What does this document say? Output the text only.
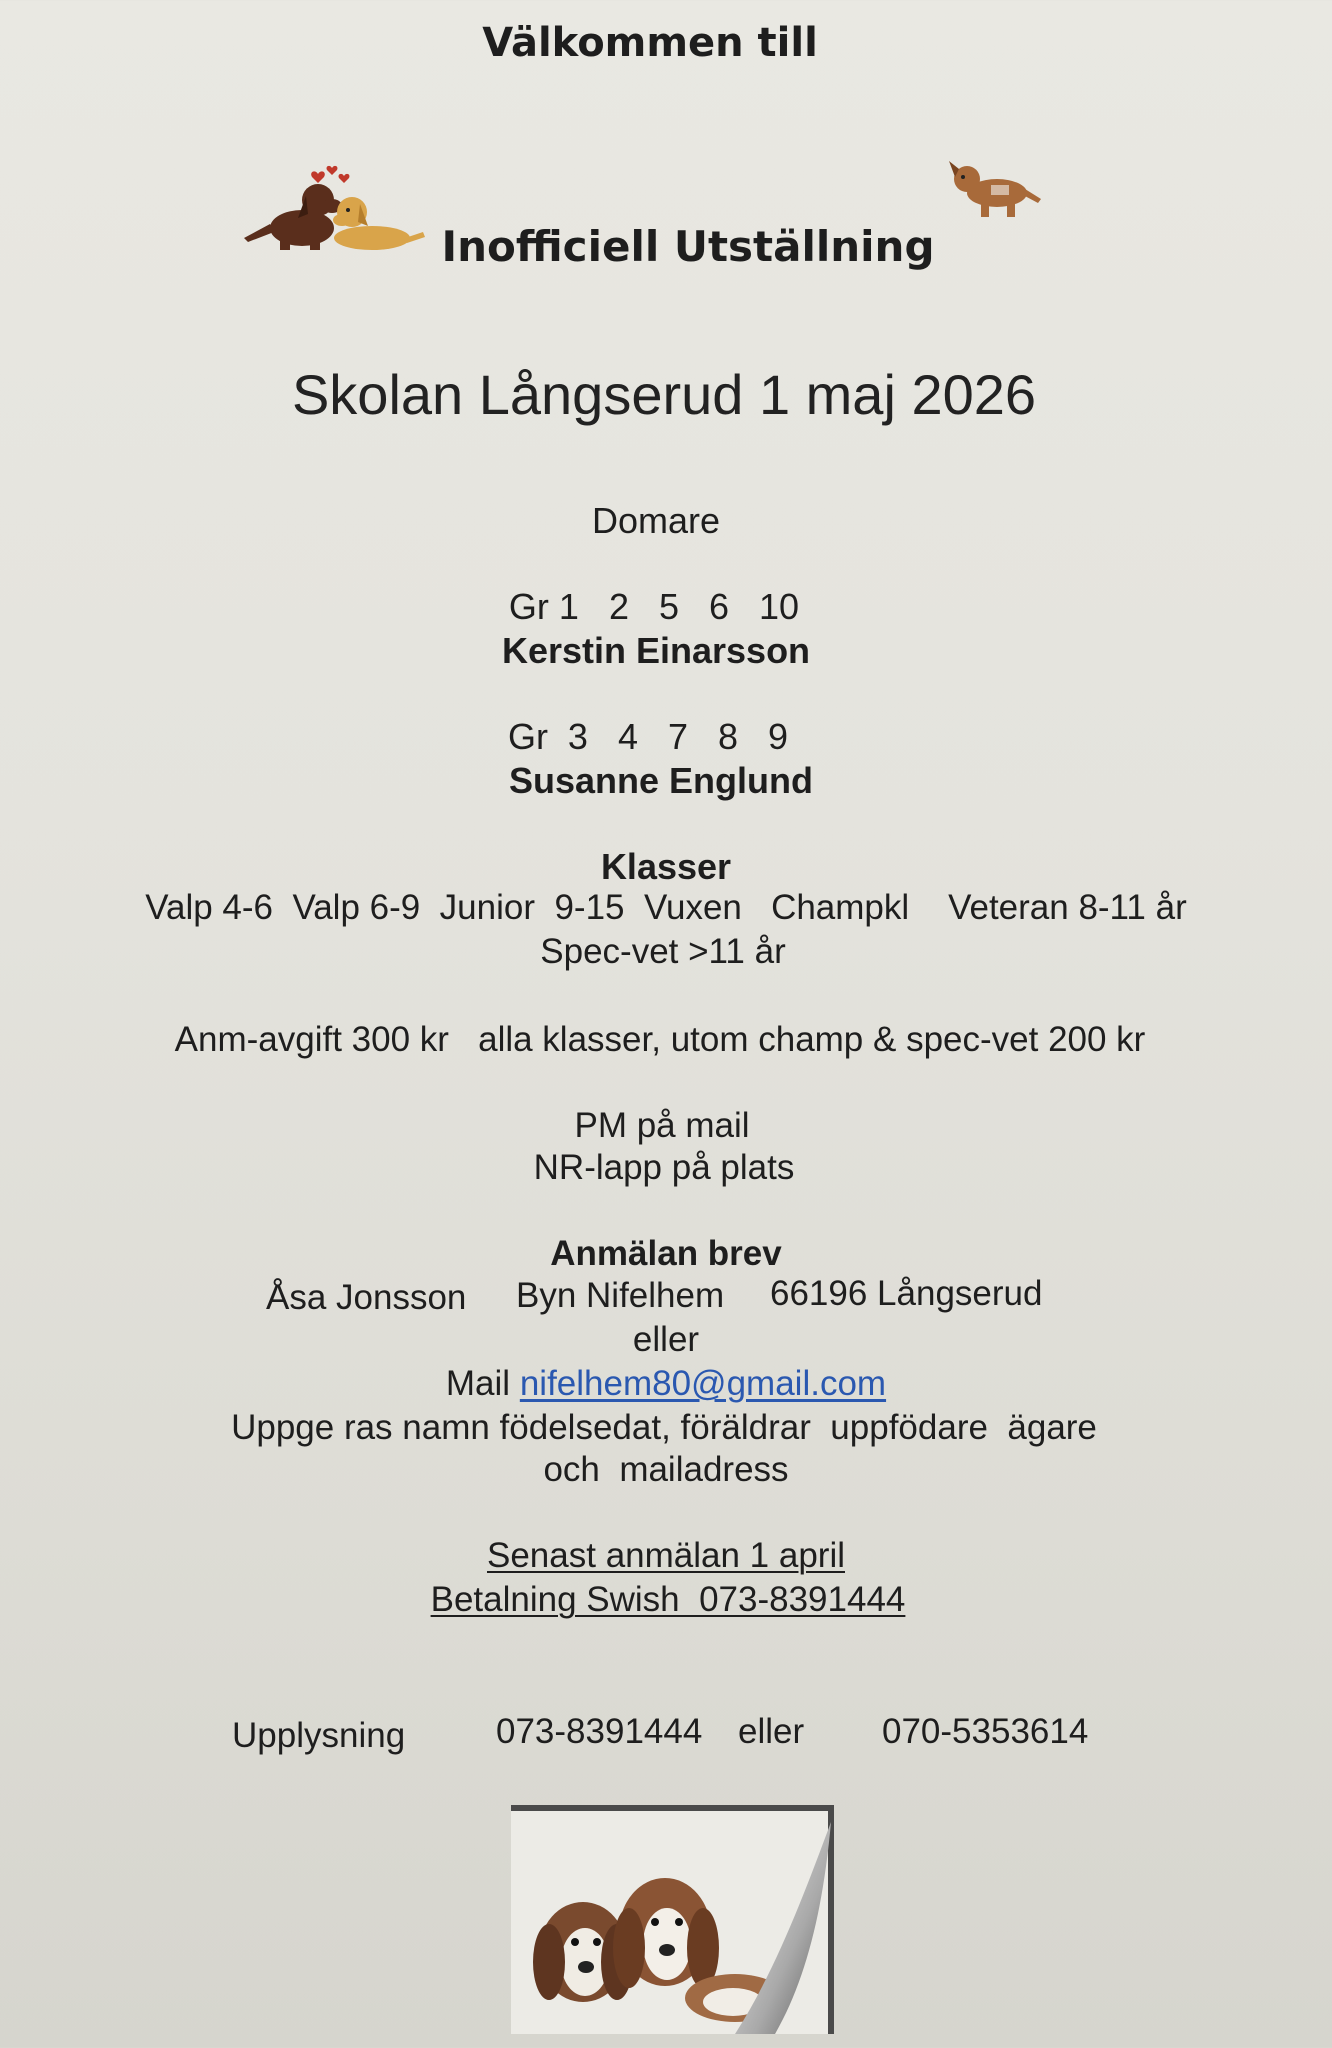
Välkommen till
Inofficiell Utställning
Skolan Långserud 1 maj 2026
Domare
Gr 1   2   5   6   10
Kerstin Einarsson
Gr  3   4   7   8   9
Susanne Englund
Klasser
Valp 4-6  Valp 6-9  Junior  9-15  Vuxen   Champkl    Veteran 8-11 år
Spec-vet >11 år
Anm-avgift 300 kr   alla klasser, utom champ & spec-vet 200 kr
PM på mail
NR-lapp på plats
Anmälan brev
Åsa Jonsson Byn Nifelhem 66196 Långserud
eller
Mail nifelhem80@gmail.com
Uppge ras namn födelsedat, föräldrar  uppfödare  ägare
och  mailadress
Senast anmälan 1 april
Betalning Swish  073-8391444
Upplysning	073-8391444 eller 070-5353614
